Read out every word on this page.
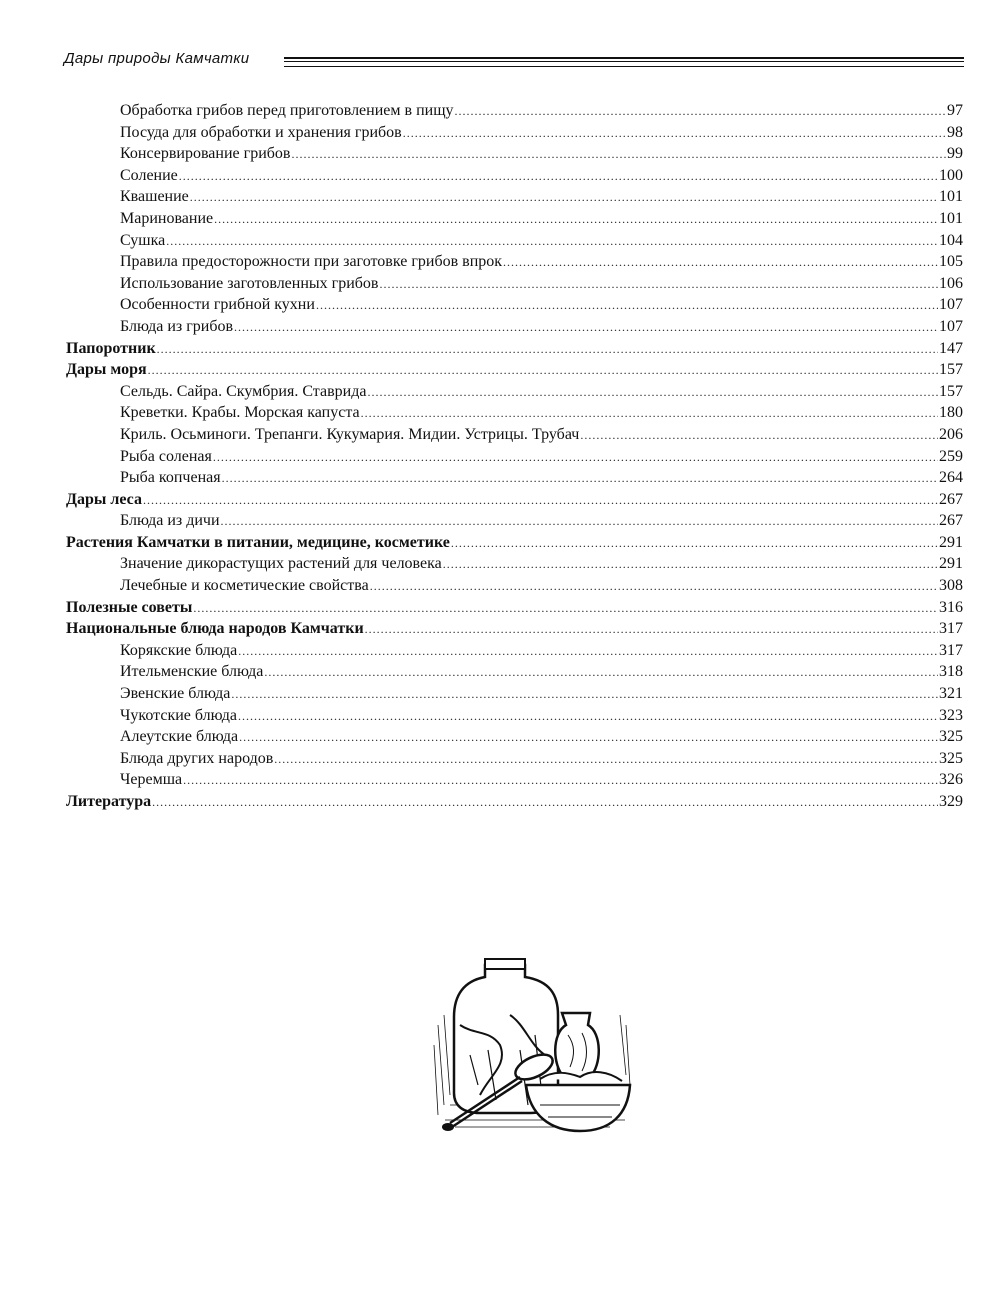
Дары природы Камчатки
Обработка грибов перед приготовлением в пищу .....	97
Посуда для обработки и хранения грибов .....	98
Консервирование грибов .....	99
Соление .....	100
Квашение .....	101
Маринование .....	101
Сушка .....	104
Правила предосторожности при заготовке грибов впрок .....	105
Использование заготовленных грибов .....	106
Особенности грибной кухни .....	107
Блюда из грибов .....	107
Папоротник .....	147
Дары моря .....	157
Сельдь. Сайра. Скумбрия. Ставрида .....	157
Креветки. Крабы. Морская капуста .....	180
Криль. Осьминоги. Трепанги. Кукумария. Мидии. Устрицы. Трубач .....	206
Рыба соленая .....	259
Рыба копченая .....	264
Дары леса .....	267
Блюда из дичи .....	267
Растения Камчатки в питании, медицине, косметике .....	291
Значение дикорастущих растений для человека .....	291
Лечебные и косметические свойства .....	308
Полезные советы .....	316
Национальные блюда народов Камчатки .....	317
Корякские блюда .....	317
Ительменские блюда .....	318
Эвенские блюда .....	321
Чукотские блюда .....	323
Алеутские блюда .....	325
Блюда других народов .....	325
Черемша .....	326
Литература .....	329
